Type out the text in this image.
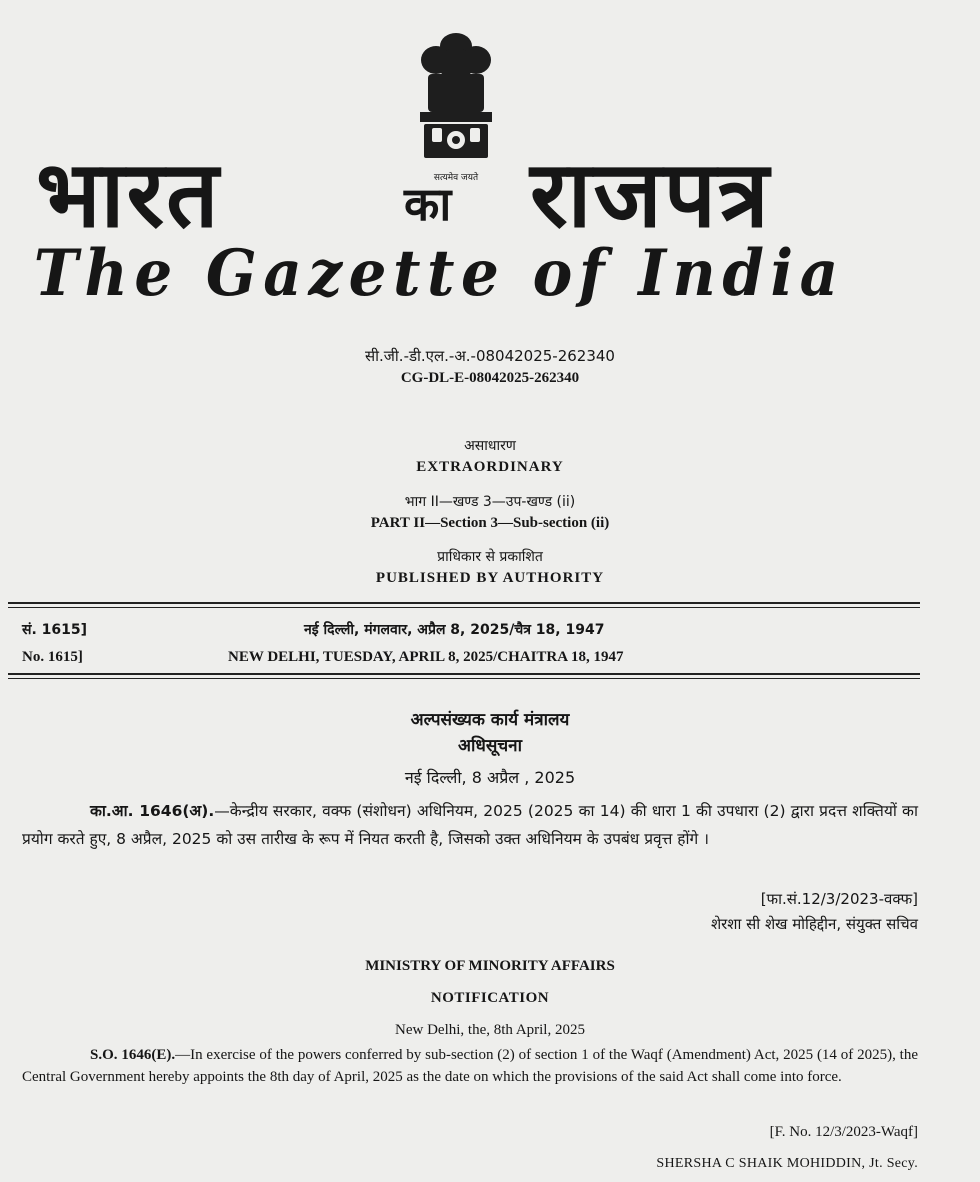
सत्यमेव जयते
भारत	का राजपत्र
The Gazette of India
सी.जी.-डी.एल.-अ.-08042025-262340
CG-DL-E-08042025-262340
असाधारण
EXTRAORDINARY
भाग II—खण्ड 3—उप-खण्ड (ii)
PART II—Section 3—Sub-section (ii)
प्राधिकार से प्रकाशित
PUBLISHED BY AUTHORITY
सं. 1615]	नई दिल्ली, मंगलवार, अप्रैल 8, 2025/चैत्र 18, 1947
No. 1615]	NEW DELHI, TUESDAY, APRIL 8, 2025/CHAITRA 18, 1947
अल्पसंख्यक कार्य मंत्रालय
अधिसूचना
नई दिल्ली, 8 अप्रैल , 2025
का.आ. 1646(अ).—केन्द्रीय सरकार, वक्फ (संशोधन) अधिनियम, 2025 (2025 का 14) की धारा 1 की उपधारा (2) द्वारा प्रदत्त शक्तियों का प्रयोग करते हुए, 8 अप्रैल, 2025 को उस तारीख के रूप में नियत करती है, जिसको उक्त अधिनियम के उपबंध प्रवृत्त होंगे ।
[फा.सं.12/3/2023-वक्फ]
शेरशा सी शेख मोहिद्दीन, संयुक्त सचिव
MINISTRY OF MINORITY AFFAIRS
NOTIFICATION
New Delhi, the, 8th April, 2025
S.O. 1646(E).—In exercise of the powers conferred by sub-section (2) of section 1 of the Waqf (Amendment) Act, 2025 (14 of 2025), the Central Government hereby appoints the 8th day of April, 2025 as the date on which the provisions of the said Act shall come into force.
[F. No. 12/3/2023-Waqf]
SHERSHA C SHAIK MOHIDDIN, Jt. Secy.
